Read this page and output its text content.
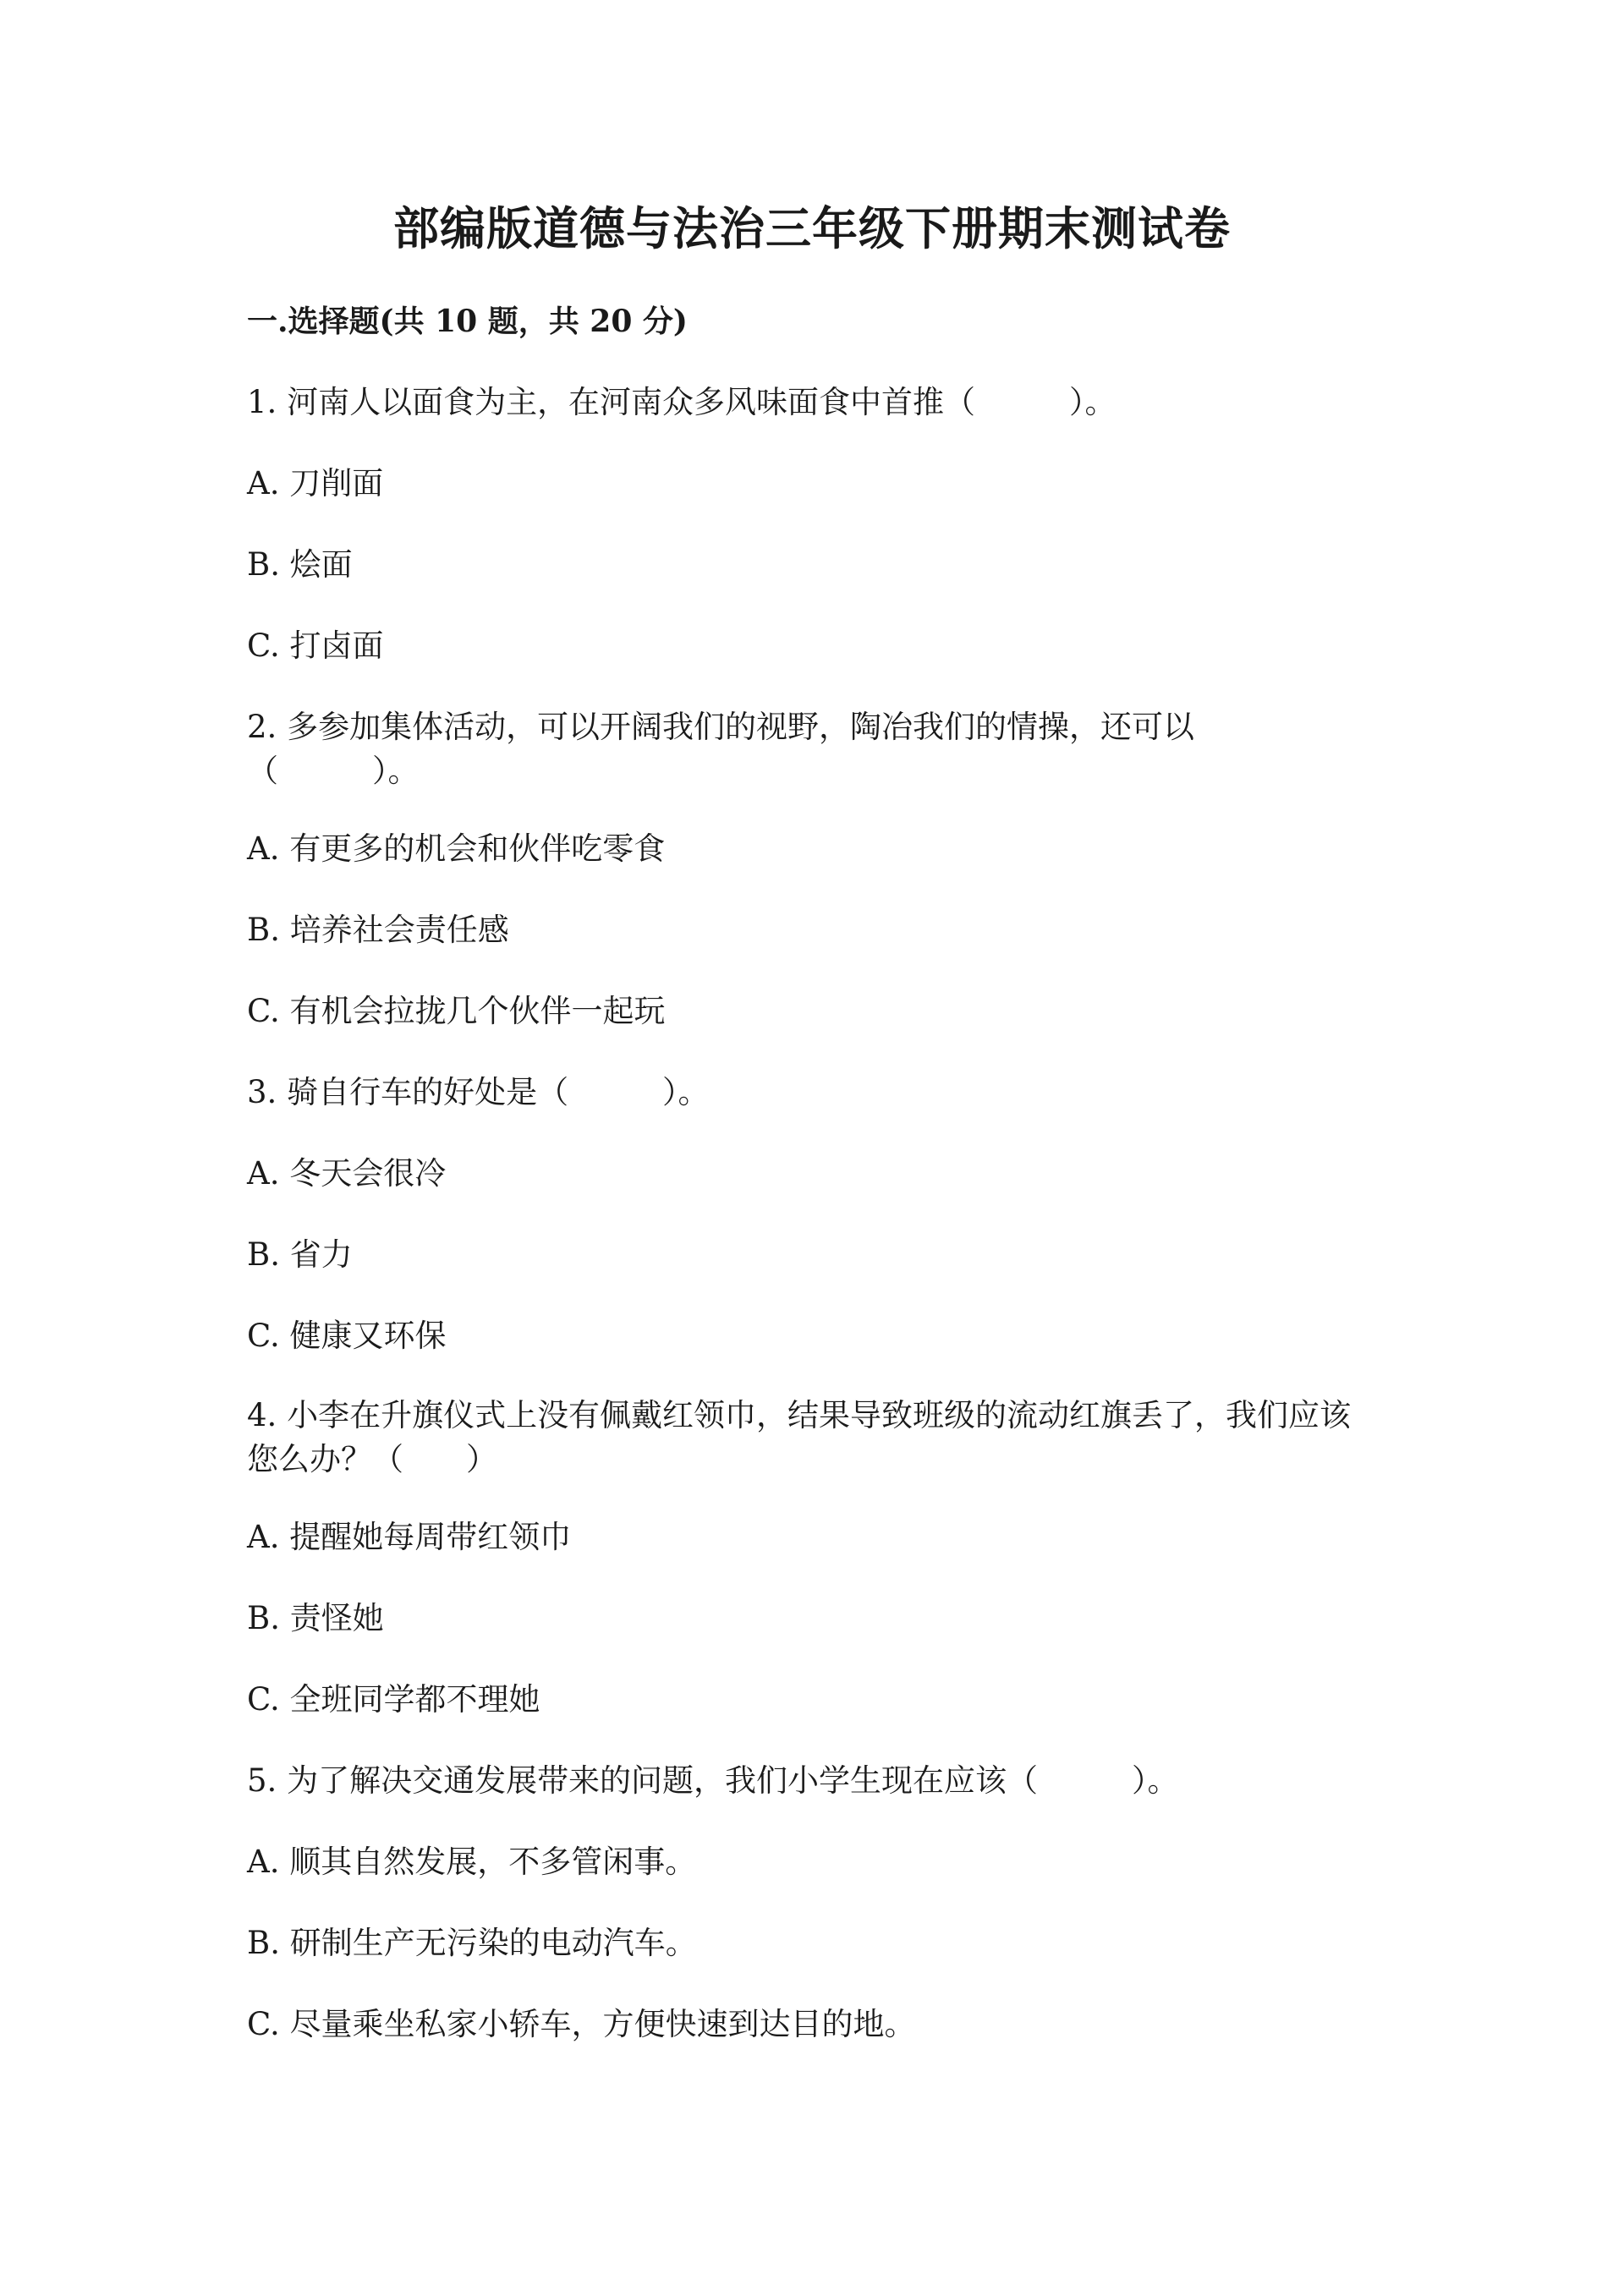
部编版道德与法治三年级下册期末测试卷
一.选择题(共 10 题，共 20 分)
1. 河南人以面食为主，在河南众多风味面食中首推（　　　）。
A. 刀削面
B. 烩面
C. 打卤面
2. 多参加集体活动，可以开阔我们的视野，陶冶我们的情操，还可以（　　　）。
A. 有更多的机会和伙伴吃零食
B. 培养社会责任感
C. 有机会拉拢几个伙伴一起玩
3. 骑自行车的好处是（　　　）。
A. 冬天会很冷
B. 省力
C. 健康又环保
4. 小李在升旗仪式上没有佩戴红领巾，结果导致班级的流动红旗丢了，我们应该您么办？（　　）
A. 提醒她每周带红领巾
B. 责怪她
C. 全班同学都不理她
5. 为了解决交通发展带来的问题，我们小学生现在应该（　　　）。
A. 顺其自然发展，不多管闲事。
B. 研制生产无污染的电动汽车。
C. 尽量乘坐私家小轿车，方便快速到达目的地。
